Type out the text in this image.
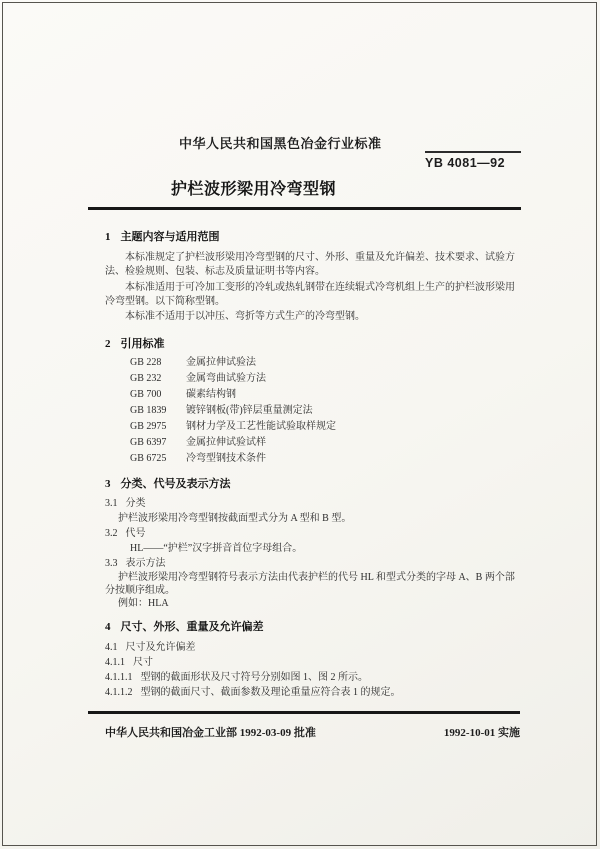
中华人民共和国黑色冶金行业标准
YB 4081—92
护栏波形梁用冷弯型钢
1 主题内容与适用范围
本标准规定了护栏波形梁用冷弯型钢的尺寸、外形、重量及允许偏差、技术要求、试验方法、检验规则、包装、标志及质量证明书等内容。
本标准适用于可冷加工变形的冷轧或热轧钢带在连续辊式冷弯机组上生产的护栏波形梁用冷弯型钢。以下简称型钢。
本标准不适用于以冲压、弯折等方式生产的冷弯型钢。
2 引用标准
GB 228 金属拉伸试验法
GB 232 金属弯曲试验方法
GB 700 碳素结构钢
GB 1839 镀锌钢板(带)锌层重量测定法
GB 2975 钢材力学及工艺性能试验取样规定
GB 6397 金属拉伸试验试样
GB 6725 冷弯型钢技术条件
3 分类、代号及表示方法
3.1 分类
护栏波形梁用冷弯型钢按截面型式分为 A 型和 B 型。
3.2 代号
HL——“护栏”汉字拼音首位字母组合。
3.3 表示方法
护栏波形梁用冷弯型钢符号表示方法由代表护栏的代号 HL 和型式分类的字母 A、B 两个部分按顺序组成。
例如：HLA
4 尺寸、外形、重量及允许偏差
4.1 尺寸及允许偏差
4.1.1 尺寸
4.1.1.1 型钢的截面形状及尺寸符号分别如图 1、图 2 所示。
4.1.1.2 型钢的截面尺寸、截面参数及理论重量应符合表 1 的规定。
中华人民共和国冶金工业部 1992-03-09 批准	1992-10-01 实施
